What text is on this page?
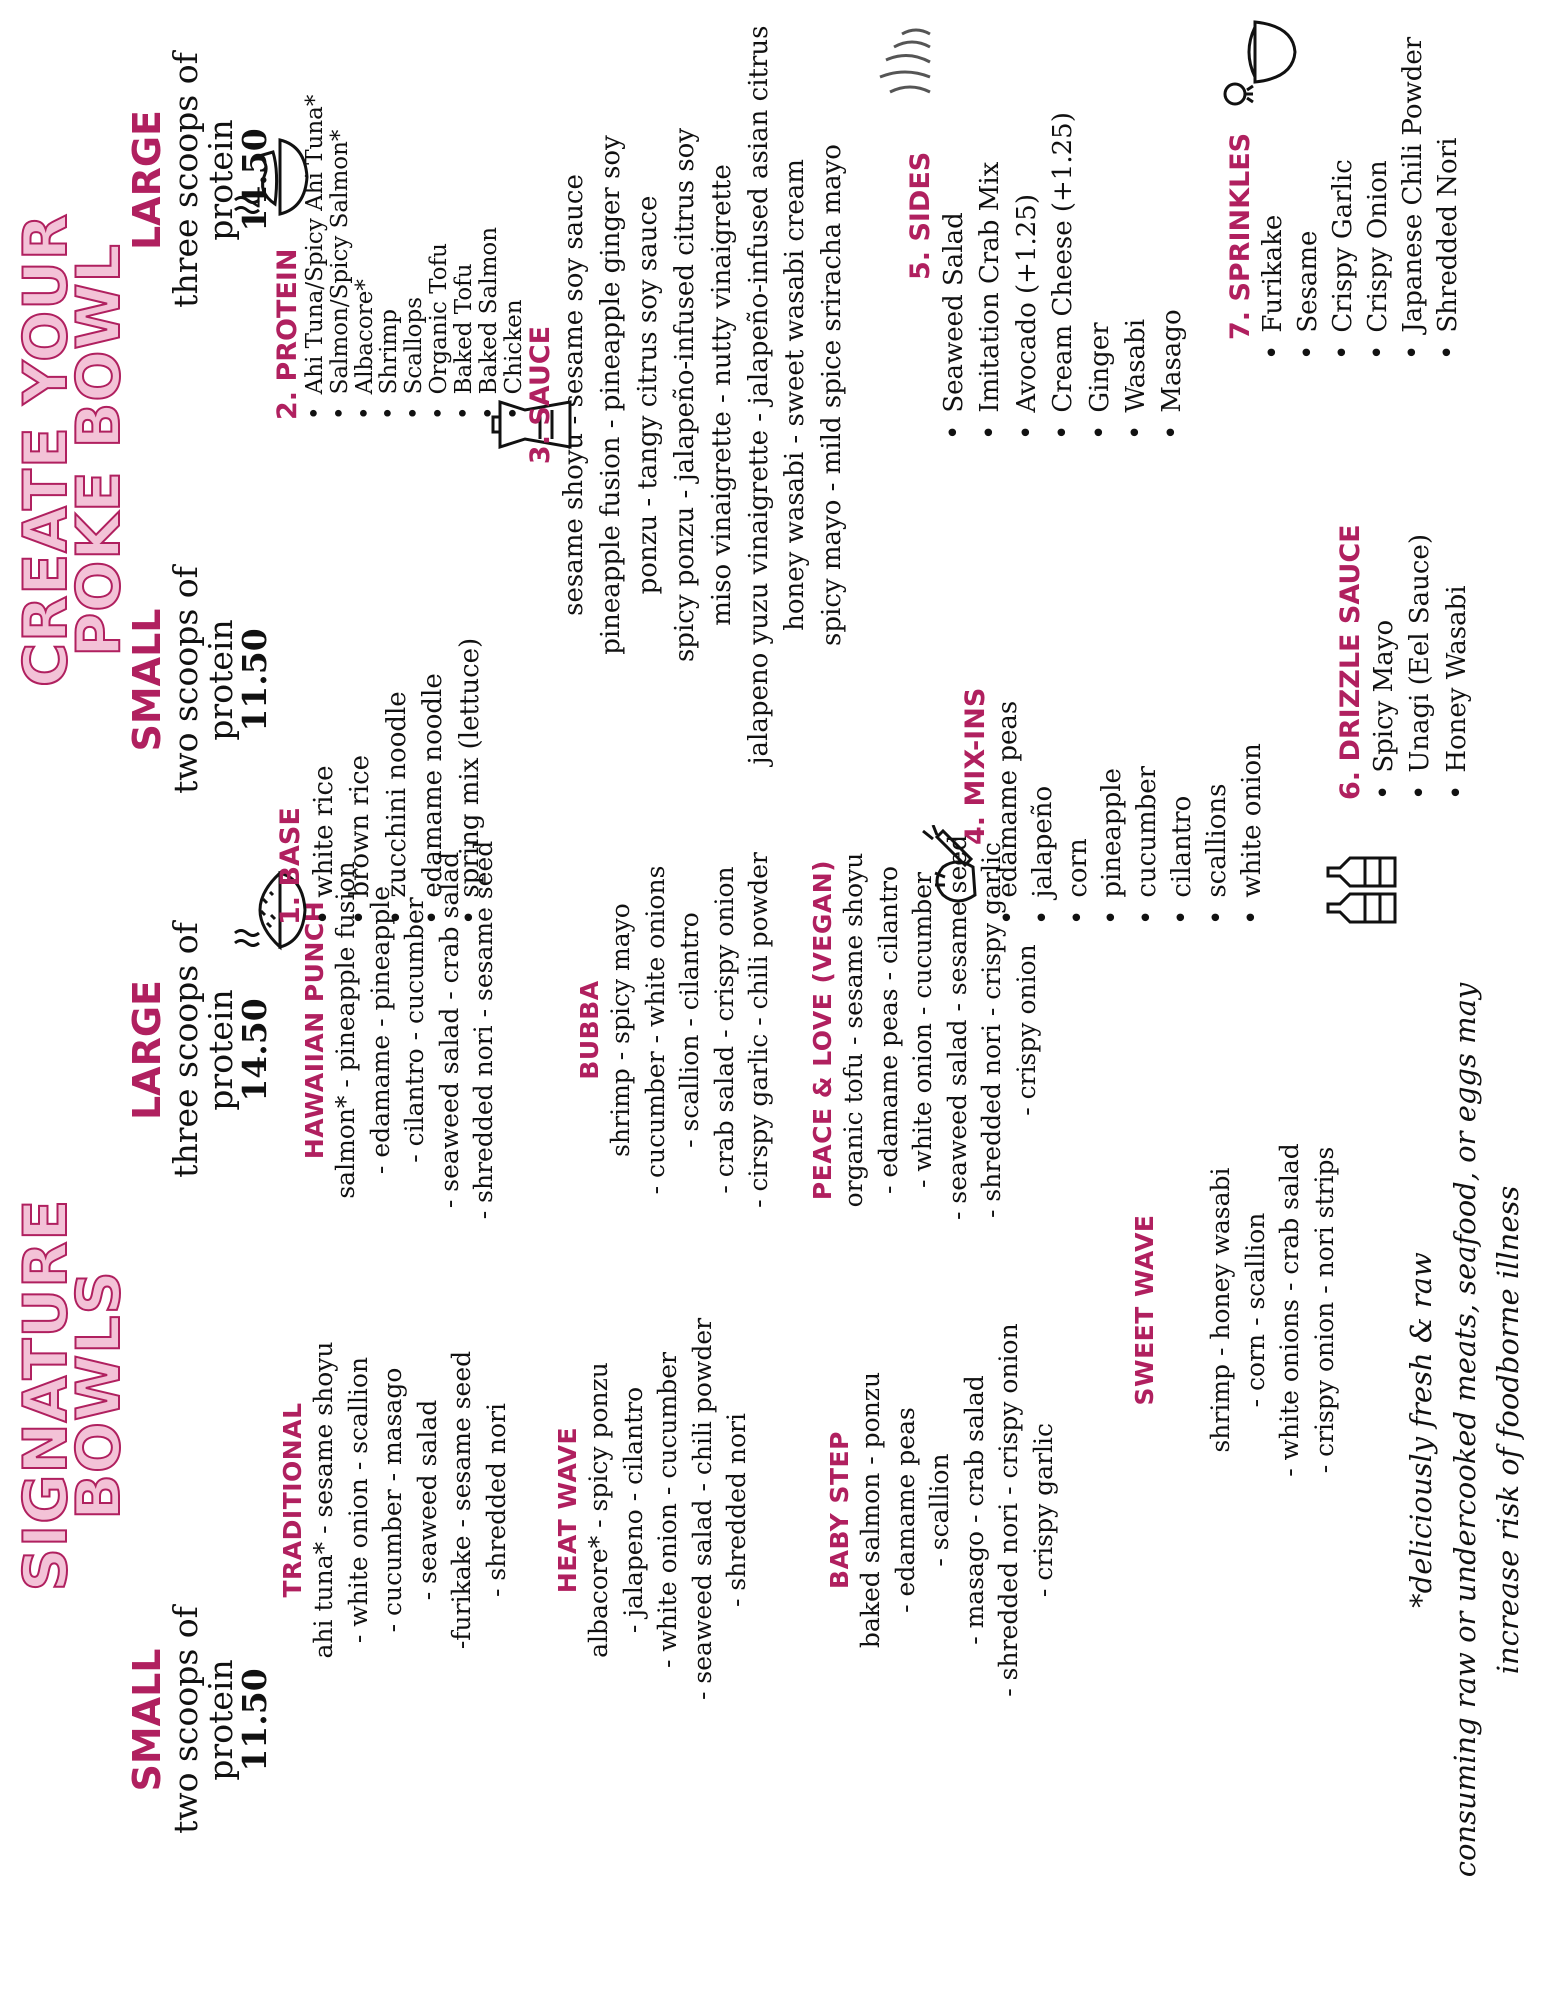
SIGNATURE
BOWLS
SMALL
two scoops of protein
11.50
LARGE
three scoops of protein
14.50
TRADITIONAL ahi tuna* - sesame shoyu - white onion - scallion - cucumber - masago - seaweed salad -furikake - sesame seed - shredded nori HEAT WAVE albacore* - spicy ponzu - jalapeno - cilantro - white onion - cucumber - seaweed salad - chili powder - shredded nori	BABY STEP baked salmon - ponzu - edamame peas - scallion - masago - crab salad - shredded nori - crispy onion - crispy garlic
HAWAIIAN PUNCH salmon* - pineapple fusion - edamame - pineapple - cilantro - cucumber - seaweed salad - crab salad - shredded nori - sesame seed	BUBBA shrimp - spicy mayo - cucumber - white onions - scallion - cilantro - crab salad - crispy onion - cirspy garlic - chili powder PEACE & LOVE (VEGAN) organic tofu - sesame shoyu - edamame peas - cilantro - white onion - cucumber - seaweed salad - sesame seed - shredded nori - crispy garlic - crispy onion
SWEET WAVE shrimp - honey wasabi - corn - scallion - white onions - crab salad - crispy onion - nori strips *deliciously fresh & raw consuming raw or undercooked meats, seafood, or eggs may increase risk of foodborne illness
CREATE YOUR
POKE BOWL
SMALL
two scoops of protein
11.50
LARGE
three scoops of protein
14.50
1. BASE • white rice • brown rice • zucchini noodle • edamame noodle • spring mix (lettuce)
2. PROTEIN • Ahi Tuna/Spicy Ahi Tuna*
• Salmon/Spicy Salmon*
• Albacore*
• Shrimp
• Scallops
• Organic Tofu
• Baked Tofu
• Baked Salmon
• Chicken
3. SAUCE sesame shoyu - sesame soy sauce pineapple fusion - pineapple ginger soy ponzu - tangy citrus soy sauce spicy ponzu - jalapeño-infused citrus soy miso vinaigrette - nutty vinaigrette jalapeno yuzu vinaigrette - jalapeño-infused asian citrus honey wasabi - sweet wasabi cream spicy mayo - mild spice sriracha mayo
4. MIX-INS • edamame peas • jalapeño • corn • pineapple • cucumber • cilantro • scallions • white onion
5. SIDES • Seaweed Salad • Imitation Crab Mix • Avocado (+1.25) • Cream Cheese (+1.25) • Ginger • Wasabi • Masago
6. DRIZZLE SAUCE • Spicy Mayo • Unagi (Eel Sauce) • Honey Wasabi
7. SPRINKLES • Furikake • Sesame • Crispy Garlic • Crispy Onion • Japanese Chili Powder • Shredded Nori
